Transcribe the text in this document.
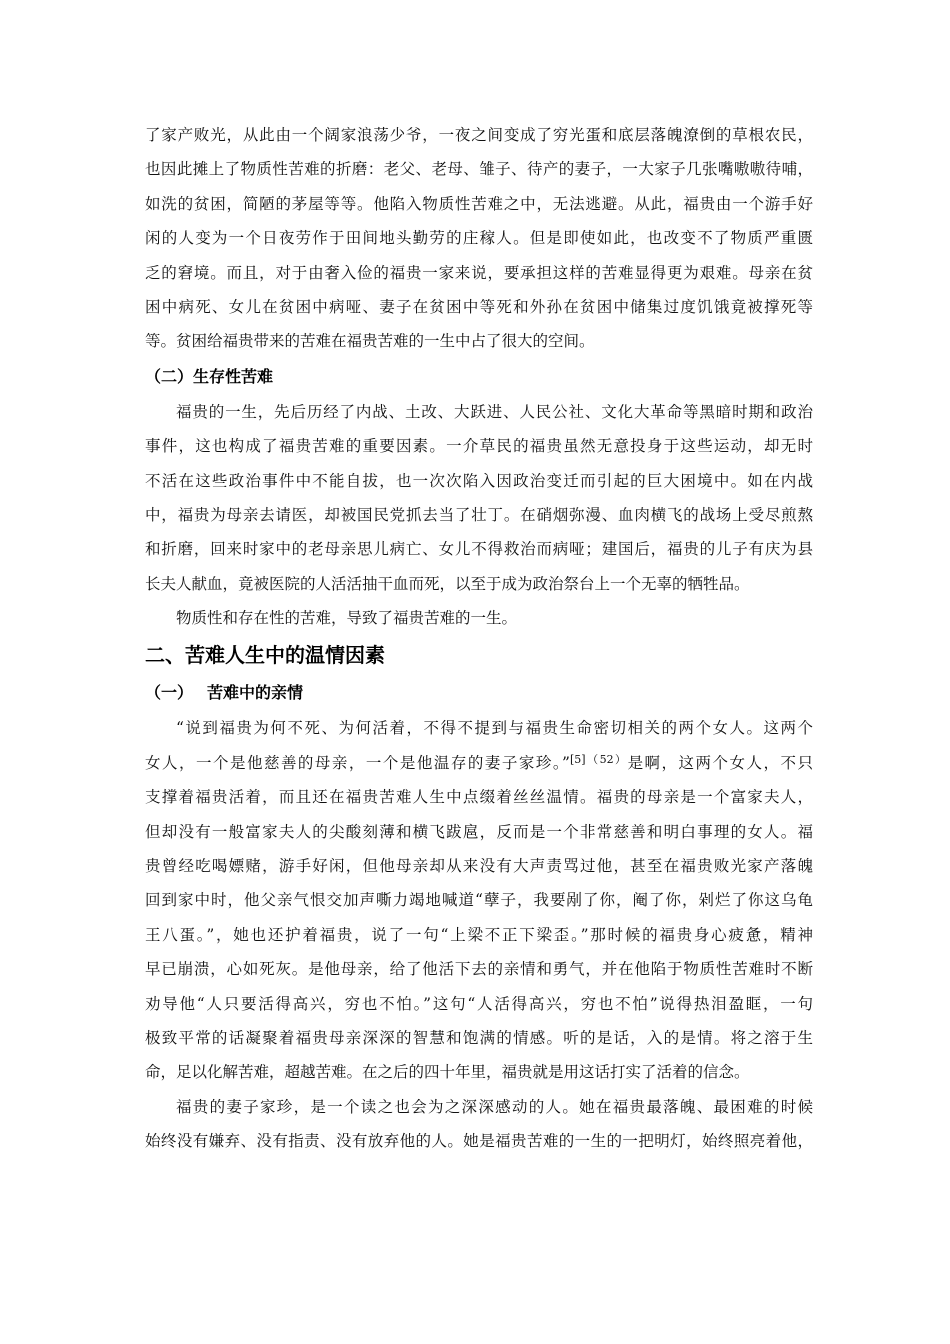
了家产败光，从此由一个阔家浪荡少爷，一夜之间变成了穷光蛋和底层落魄潦倒的草根农民，
也因此摊上了物质性苦难的折磨：老父、老母、雏子、待产的妻子，一大家子几张嘴嗷嗷待哺，
如洗的贫困，简陋的茅屋等等。他陷入物质性苦难之中，无法逃避。从此，福贵由一个游手好
闲的人变为一个日夜劳作于田间地头勤劳的庄稼人。但是即使如此，也改变不了物质严重匮
乏的窘境。而且，对于由奢入俭的福贵一家来说，要承担这样的苦难显得更为艰难。母亲在贫
困中病死、女儿在贫困中病哑、妻子在贫困中等死和外孙在贫困中储集过度饥饿竟被撑死等
等。贫困给福贵带来的苦难在福贵苦难的一生中占了很大的空间。
（二）生存性苦难
福贵的一生，先后历经了内战、土改、大跃进、人民公社、文化大革命等黑暗时期和政治
事件，这也构成了福贵苦难的重要因素。一介草民的福贵虽然无意投身于这些运动，却无时
不活在这些政治事件中不能自拔，也一次次陷入因政治变迁而引起的巨大困境中。如在内战
中，福贵为母亲去请医，却被国民党抓去当了壮丁。在硝烟弥漫、血肉横飞的战场上受尽煎熬
和折磨，回来时家中的老母亲思儿病亡、女儿不得救治而病哑；建国后，福贵的儿子有庆为县
长夫人献血，竟被医院的人活活抽干血而死，以至于成为政治祭台上一个无辜的牺牲品。
物质性和存在性的苦难，导致了福贵苦难的一生。
二、苦难人生中的温情因素
（一） 苦难中的亲情
“说到福贵为何不死、为何活着，不得不提到与福贵生命密切相关的两个女人。这两个
女人，一个是他慈善的母亲，一个是他温存的妻子家珍。”$^{[5](52)}$是啊，这两个女人，不只
支撑着福贵活着，而且还在福贵苦难人生中点缀着丝丝温情。福贵的母亲是一个富家夫人，
但却没有一般富家夫人的尖酸刻薄和横飞跋扈，反而是一个非常慈善和明白事理的女人。福
贵曾经吃喝嫖赌，游手好闲，但他母亲却从来没有大声责骂过他，甚至在福贵败光家产落魄
回到家中时，他父亲气恨交加声嘶力竭地喊道“孽子，我要剐了你，阉了你，剁烂了你这乌龟
王八蛋。”，她也还护着福贵，说了一句“上梁不正下梁歪。”那时候的福贵身心疲惫，精神
早已崩溃，心如死灰。是他母亲，给了他活下去的亲情和勇气，并在他陷于物质性苦难时不断
劝导他“人只要活得高兴，穷也不怕。”这句“人活得高兴，穷也不怕”说得热泪盈眶，一句
极致平常的话凝聚着福贵母亲深深的智慧和饱满的情感。听的是话，入的是情。将之溶于生
命，足以化解苦难，超越苦难。在之后的四十年里，福贵就是用这话打实了活着的信念。
福贵的妻子家珍，是一个读之也会为之深深感动的人。她在福贵最落魄、最困难的时候
始终没有嫌弃、没有指责、没有放弃他的人。她是福贵苦难的一生的一把明灯，始终照亮着他，
